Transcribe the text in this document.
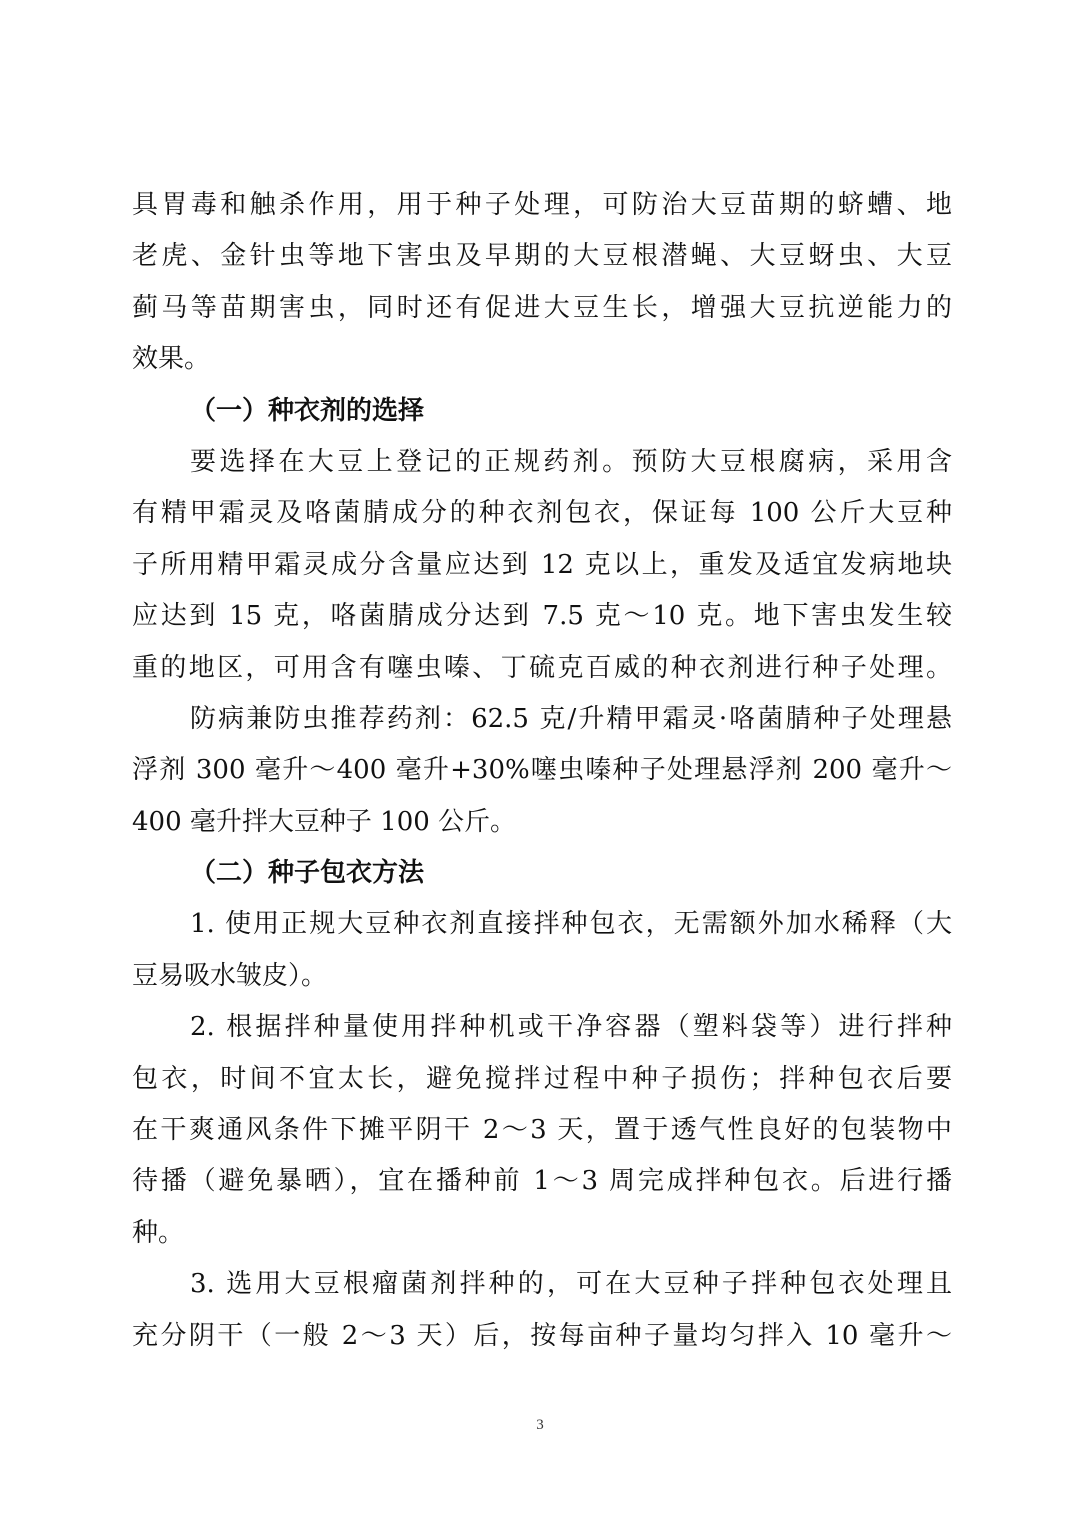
具胃毒和触杀作用，用于种子处理，可防治大豆苗期的蛴螬、地
老虎、金针虫等地下害虫及早期的大豆根潜蝇、大豆蚜虫、大豆
蓟马等苗期害虫，同时还有促进大豆生长，增强大豆抗逆能力的
效果。
（一）种衣剂的选择
要选择在大豆上登记的正规药剂。预防大豆根腐病，采用含
有精甲霜灵及咯菌腈成分的种衣剂包衣，保证每 100 公斤大豆种
子所用精甲霜灵成分含量应达到 12 克以上，重发及适宜发病地块
应达到 15 克，咯菌腈成分达到 7.5 克～10 克。地下害虫发生较
重的地区，可用含有噻虫嗪、丁硫克百威的种衣剂进行种子处理。
防病兼防虫推荐药剂：62.5 克/升精甲霜灵·咯菌腈种子处理悬
浮剂 300 毫升～400 毫升+30%噻虫嗪种子处理悬浮剂 200 毫升～
400 毫升拌大豆种子 100 公斤。
（二）种子包衣方法
1. 使用正规大豆种衣剂直接拌种包衣，无需额外加水稀释（大
豆易吸水皱皮）。
2. 根据拌种量使用拌种机或干净容器（塑料袋等）进行拌种
包衣，时间不宜太长，避免搅拌过程中种子损伤；拌种包衣后要
在干爽通风条件下摊平阴干 2～3 天，置于透气性良好的包装物中
待播（避免暴晒），宜在播种前 1～3 周完成拌种包衣。后进行播
种。
3. 选用大豆根瘤菌剂拌种的，可在大豆种子拌种包衣处理且
充分阴干（一般 2～3 天）后，按每亩种子量均匀拌入 10 毫升～
3
